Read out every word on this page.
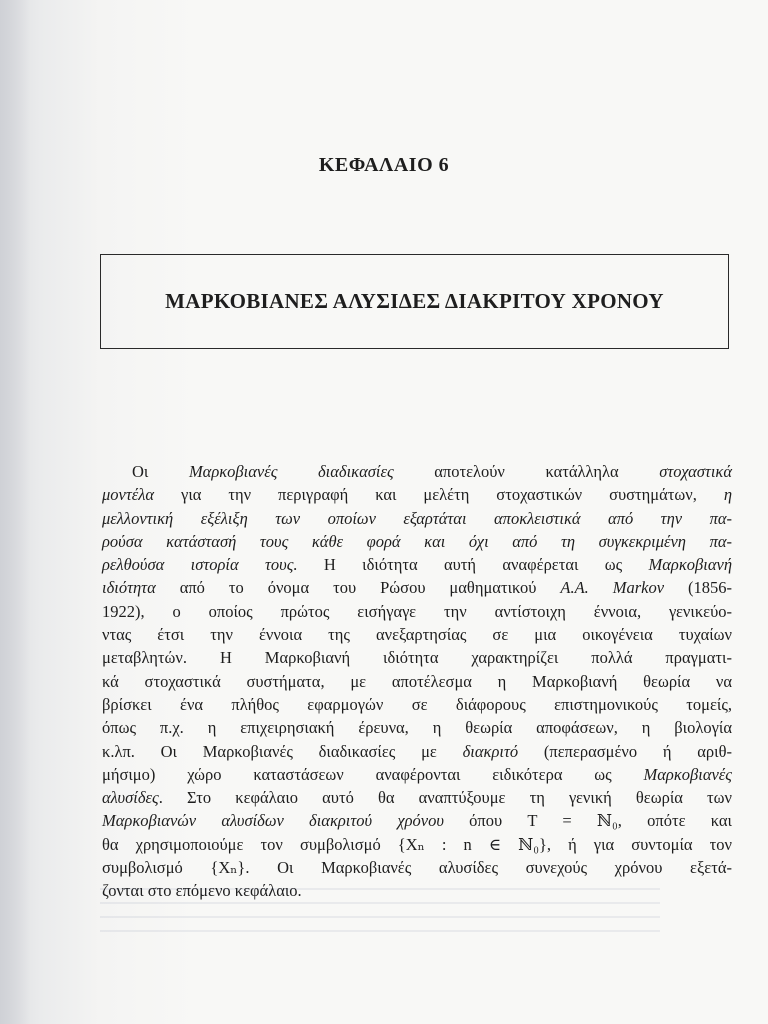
ΚΕΦΑΛΑΙΟ 6
ΜΑΡΚΟΒΙΑΝΕΣ ΑΛΥΣΙΔΕΣ ΔΙΑΚΡΙΤΟΥ ΧΡΟΝΟΥ
Οι Μαρκοβιανές διαδικασίες αποτελούν κατάλληλα στοχαστικά
μοντέλα για την περιγραφή και μελέτη στοχαστικών συστημάτων, η
μελλοντική εξέλιξη των οποίων εξαρτάται αποκλειστικά από την πα-
ρούσα κατάστασή τους κάθε φορά και όχι από τη συγκεκριμένη πα-
ρελθούσα ιστορία τους. Η ιδιότητα αυτή αναφέρεται ως Μαρκοβιανή
ιδιότητα από το όνομα του Ρώσου μαθηματικού A.A. Markov (1856-
1922), ο οποίος πρώτος εισήγαγε την αντίστοιχη έννοια, γενικεύο-
ντας έτσι την έννοια της ανεξαρτησίας σε μια οικογένεια τυχαίων
μεταβλητών. Η Μαρκοβιανή ιδιότητα χαρακτηρίζει πολλά πραγματι-
κά στοχαστικά συστήματα, με αποτέλεσμα η Μαρκοβιανή θεωρία να
βρίσκει ένα πλήθος εφαρμογών σε διάφορους επιστημονικούς τομείς,
όπως π.χ. η επιχειρησιακή έρευνα, η θεωρία αποφάσεων, η βιολογία
κ.λπ. Οι Μαρκοβιανές διαδικασίες με διακριτό (πεπερασμένο ή αριθ-
μήσιμο) χώρο καταστάσεων αναφέρονται ειδικότερα ως Μαρκοβιανές
αλυσίδες. Στο κεφάλαιο αυτό θα αναπτύξουμε τη γενική θεωρία των
Μαρκοβιανών αλυσίδων διακριτού χρόνου όπου T = ℕ₀, οπότε και
θα χρησιμοποιούμε τον συμβολισμό {Xₙ : n ∈ ℕ₀}, ή για συντομία τον
συμβολισμό {Xₙ}. Οι Μαρκοβιανές αλυσίδες συνεχούς χρόνου εξετά-
ζονται στο επόμενο κεφάλαιο.
